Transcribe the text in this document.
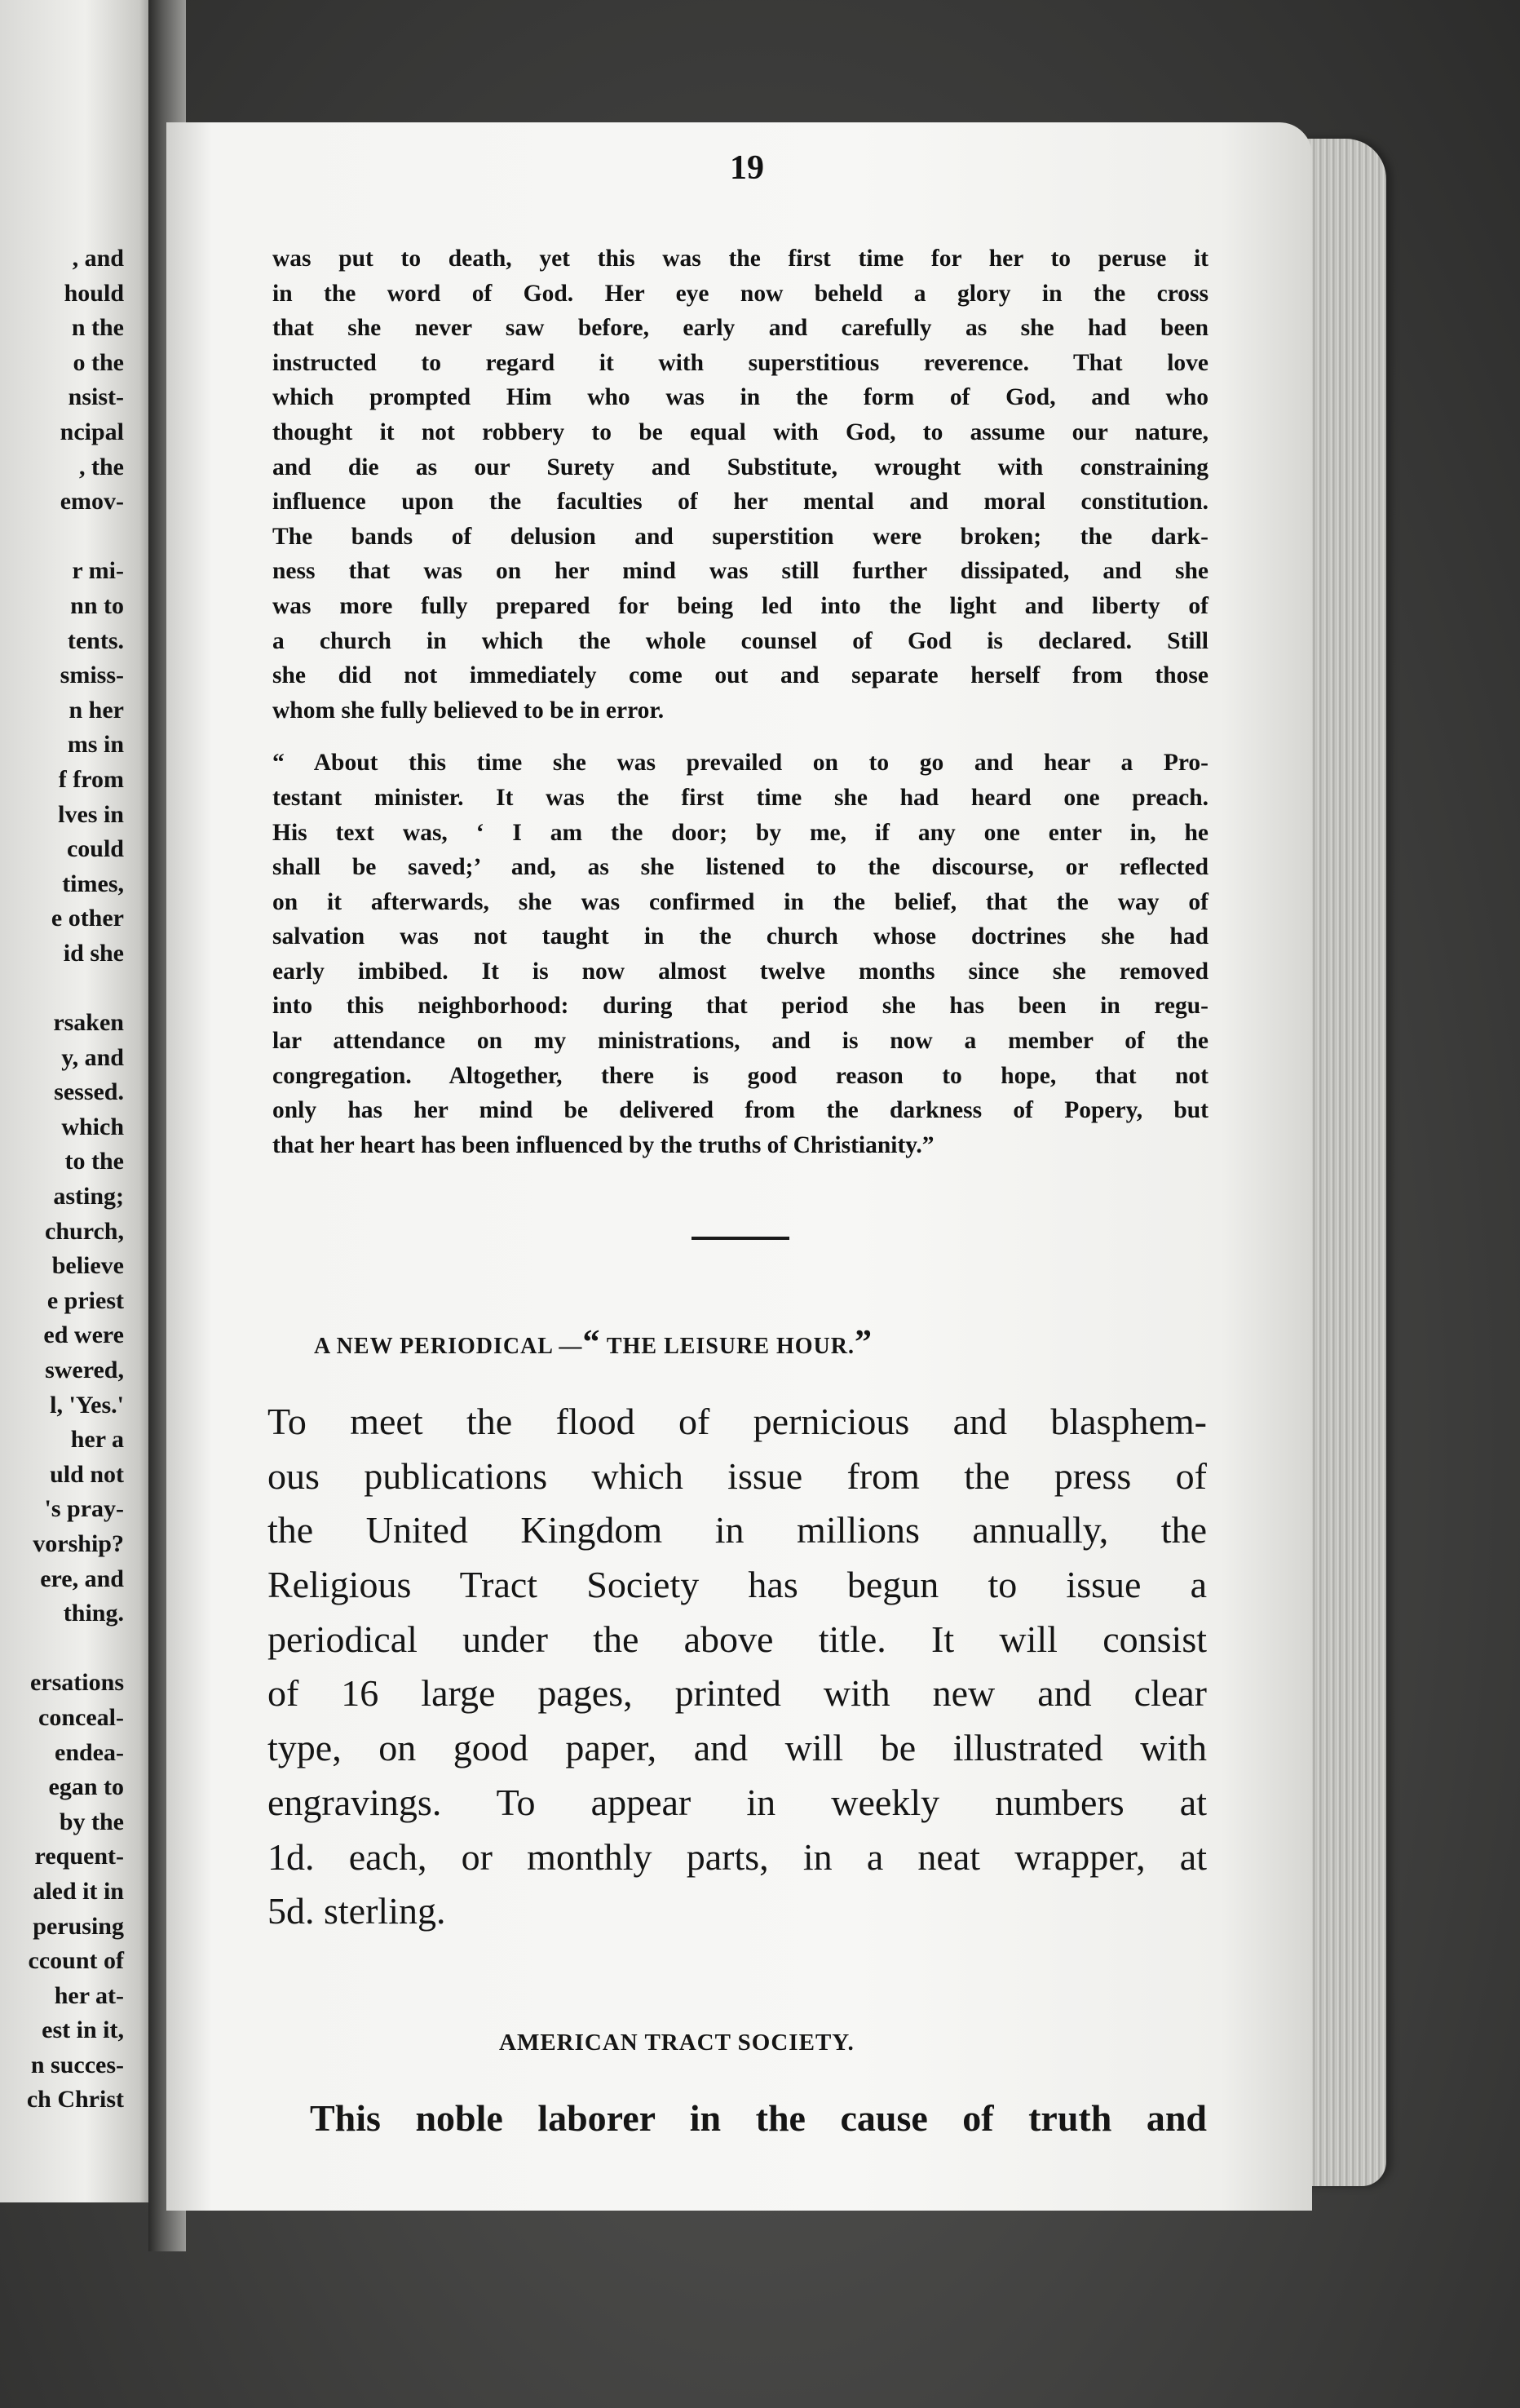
, and
hould
n the
o the
nsist-
ncipal
, the
emov-
r mi-
nn to
tents.
smiss-
n her
ms in
f from
lves in
could
times,
e other
id she
rsaken
y, and
sessed.
which
to the
asting;
church,
believe
e priest
ed were
swered,
l, 'Yes.'
her a
uld not
's pray-
vorship?
ere, and
thing.
ersations
conceal-
endea-
egan to
by the
requent-
aled it in
perusing
ccount of
her at-
est in it,
n succes-
ch Christ
19
was put to death, yet this was the first time for her to peruse it
in the word of God. Her eye now beheld a glory in the cross
that she never saw before, early and carefully as she had been
instructed to regard it with superstitious reverence. That love
which prompted Him who was in the form of God, and who
thought it not robbery to be equal with God, to assume our nature,
and die as our Surety and Substitute, wrought with constraining
influence upon the faculties of her mental and moral constitution.
The bands of delusion and superstition were broken; the dark-
ness that was on her mind was still further dissipated, and she
was more fully prepared for being led into the light and liberty of
a church in which the whole counsel of God is declared. Still
she did not immediately come out and separate herself from those
whom she fully believed to be in error.
“ About this time she was prevailed on to go and hear a Pro-
testant minister. It was the first time she had heard one preach.
His text was, ‘ I am the door; by me, if any one enter in, he
shall be saved;’ and, as she listened to the discourse, or reflected
on it afterwards, she was confirmed in the belief, that the way of
salvation was not taught in the church whose doctrines she had
early imbibed. It is now almost twelve months since she removed
into this neighborhood: during that period she has been in regu-
lar attendance on my ministrations, and is now a member of the
congregation. Altogether, there is good reason to hope, that not
only has her mind be delivered from the darkness of Popery, but
that her heart has been influenced by the truths of Christianity.”
A NEW PERIODICAL —“ THE LEISURE HOUR.”
To meet the flood of pernicious and blasphem-
ous publications which issue from the press of
the United Kingdom in millions annually, the
Religious Tract Society has begun to issue a
periodical under the above title. It will consist
of 16 large pages, printed with new and clear
type, on good paper, and will be illustrated with
engravings. To appear in weekly numbers at
1d. each, or monthly parts, in a neat wrapper, at
5d. sterling.
AMERICAN TRACT SOCIETY.
This noble laborer in the cause of truth and
